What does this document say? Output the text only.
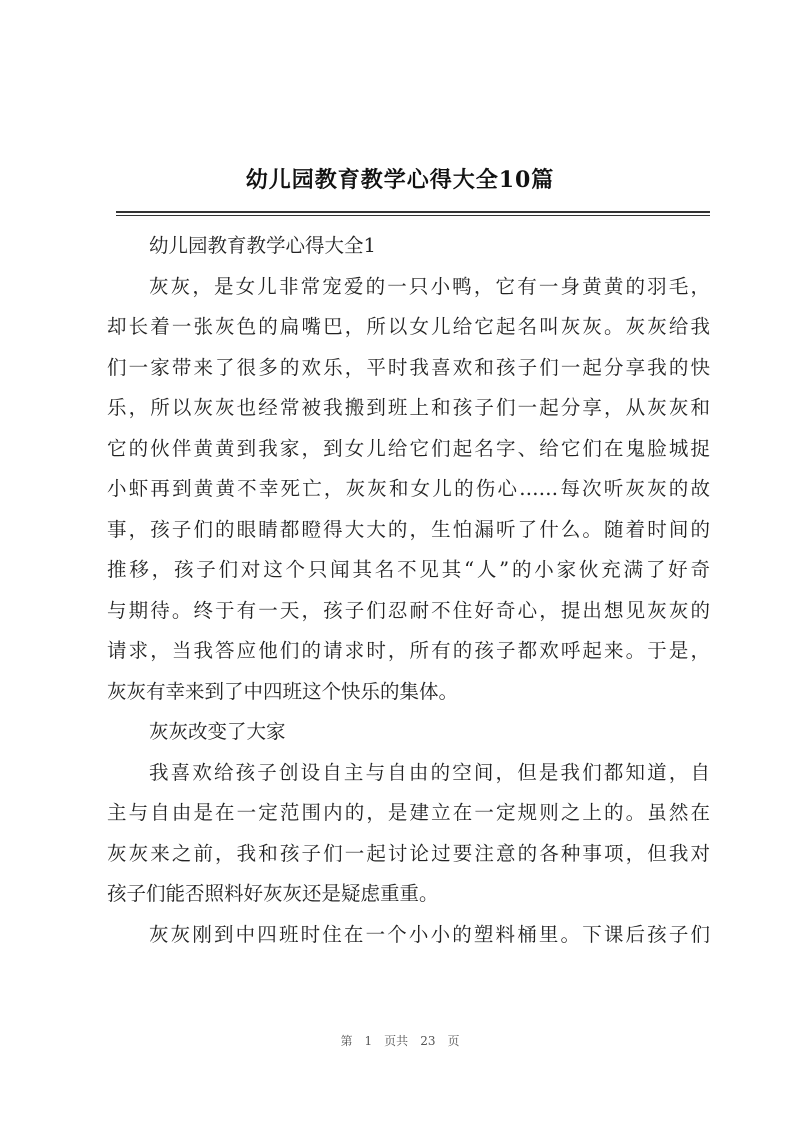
幼儿园教育教学心得大全10篇
幼儿园教育教学心得大全1
灰灰，是女儿非常宠爱的一只小鸭，它有一身黄黄的羽毛，
却长着一张灰色的扁嘴巴，所以女儿给它起名叫灰灰。灰灰给我
们一家带来了很多的欢乐，平时我喜欢和孩子们一起分享我的快
乐，所以灰灰也经常被我搬到班上和孩子们一起分享，从灰灰和
它的伙伴黄黄到我家，到女儿给它们起名字、给它们在鬼脸城捉
小虾再到黄黄不幸死亡，灰灰和女儿的伤心……每次听灰灰的故
事，孩子们的眼睛都瞪得大大的，生怕漏听了什么。随着时间的
推移，孩子们对这个只闻其名不见其“人”的小家伙充满了好奇
与期待。终于有一天，孩子们忍耐不住好奇心，提出想见灰灰的
请求，当我答应他们的请求时，所有的孩子都欢呼起来。于是，
灰灰有幸来到了中四班这个快乐的集体。
灰灰改变了大家
我喜欢给孩子创设自主与自由的空间，但是我们都知道，自
主与自由是在一定范围内的，是建立在一定规则之上的。虽然在
灰灰来之前，我和孩子们一起讨论过要注意的各种事项，但我对
孩子们能否照料好灰灰还是疑虑重重。
灰灰刚到中四班时住在一个小小的塑料桶里。下课后孩子们
第 1 页共 23 页
